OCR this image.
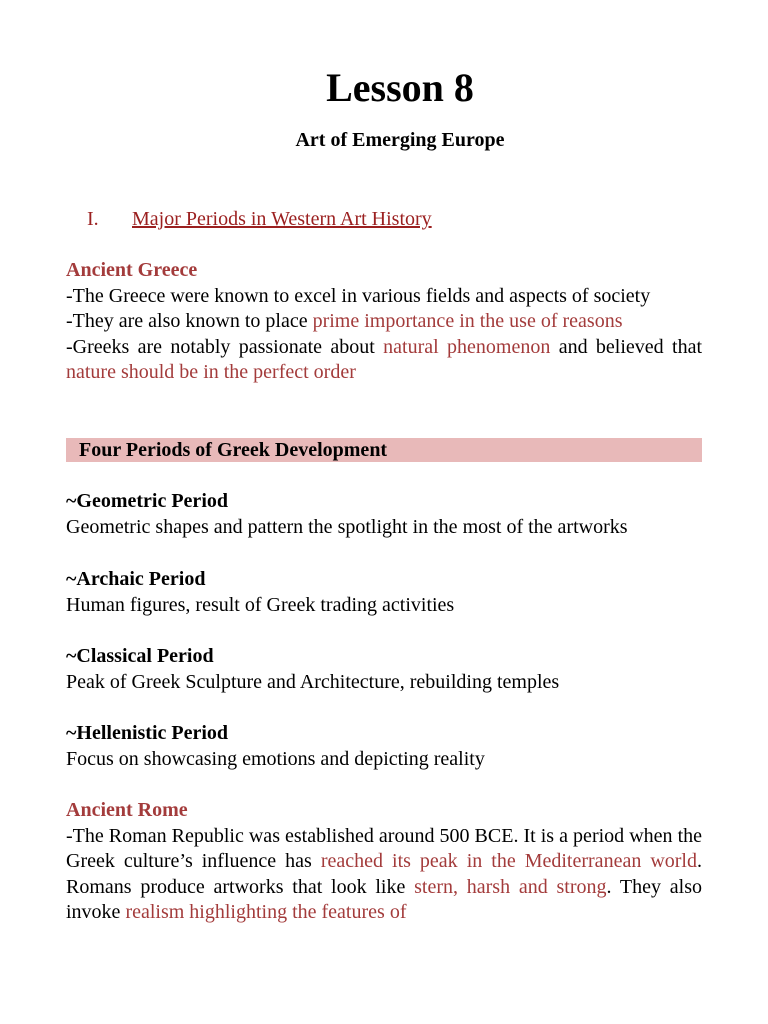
Lesson 8
Art of Emerging Europe
I. Major Periods in Western Art History
Ancient Greece
-The Greece were known to excel in various fields and aspects of society
-They are also known to place prime importance in the use of reasons
-Greeks are notably passionate about natural phenomenon and believed that nature should be in the perfect order
Four Periods of Greek Development
~Geometric Period
Geometric shapes and pattern the spotlight in the most of the artworks
~Archaic Period
Human figures, result of Greek trading activities
~Classical Period
Peak of Greek Sculpture and Architecture, rebuilding temples
~Hellenistic Period
Focus on showcasing emotions and depicting reality
Ancient Rome
-The Roman Republic was established around 500 BCE. It is a period when the Greek culture’s influence has reached its peak in the Mediterranean world. Romans produce artworks that look like stern, harsh and strong. They also invoke realism highlighting the features of
